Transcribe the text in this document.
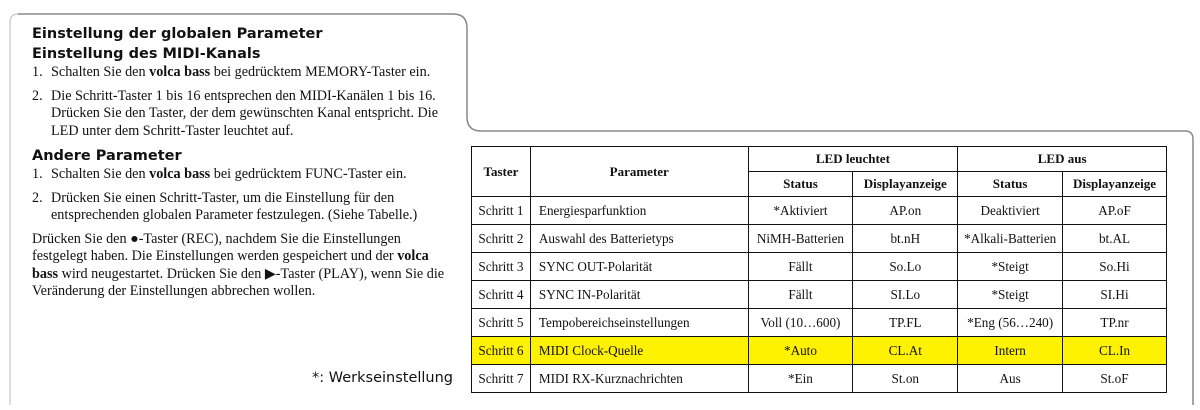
Einstellung der globalen Parameter
Einstellung des MIDI-Kanals
1. Schalten Sie den volca bass bei gedrücktem MEMORY-Taster ein.
2. Die Schritt-Taster 1 bis 16 entsprechen den MIDI-Kanälen 1 bis 16. Drücken Sie den Taster, der dem gewünschten Kanal entspricht. Die LED unter dem Schritt-Taster leuchtet auf.
Andere Parameter
1. Schalten Sie den volca bass bei gedrücktem FUNC-Taster ein.
2. Drücken Sie einen Schritt-Taster, um die Einstellung für den entsprechenden globalen Parameter festzulegen. (Siehe Tabelle.)

Drücken Sie den ●-Taster (REC), nachdem Sie die Einstellungen festgelegt haben. Die Einstellungen werden gespeichert und der volca bass wird neugestartet. Drücken Sie den ▶-Taster (PLAY), wenn Sie die Veränderung der Einstellungen abbrechen wollen.

*: Werkseinstellung
Taster	Parameter	LED leuchtet		LED aus	
		Status	Displayanzeige	Status	Displayanzeige
Schritt 1	Energiesparfunktion	*Aktiviert	AP.on	Deaktiviert	AP.oF
Schritt 2	Auswahl des Batterietyps	NiMH-Batterien	bt.nH	*Alkali-Batterien	bt.AL
Schritt 3	SYNC OUT-Polarität	Fällt	So.Lo	*Steigt	So.Hi
Schritt 4	SYNC IN-Polarität	Fällt	SI.Lo	*Steigt	SI.Hi
Schritt 5	Tempobereichseinstellungen	Voll (10…600)	TP.FL	*Eng (56…240)	TP.nr
Schritt 6	MIDI Clock-Quelle	*Auto	CL.At	Intern	CL.In
Schritt 7	MIDI RX-Kurznachrichten	*Ein	St.on	Aus	St.oF
